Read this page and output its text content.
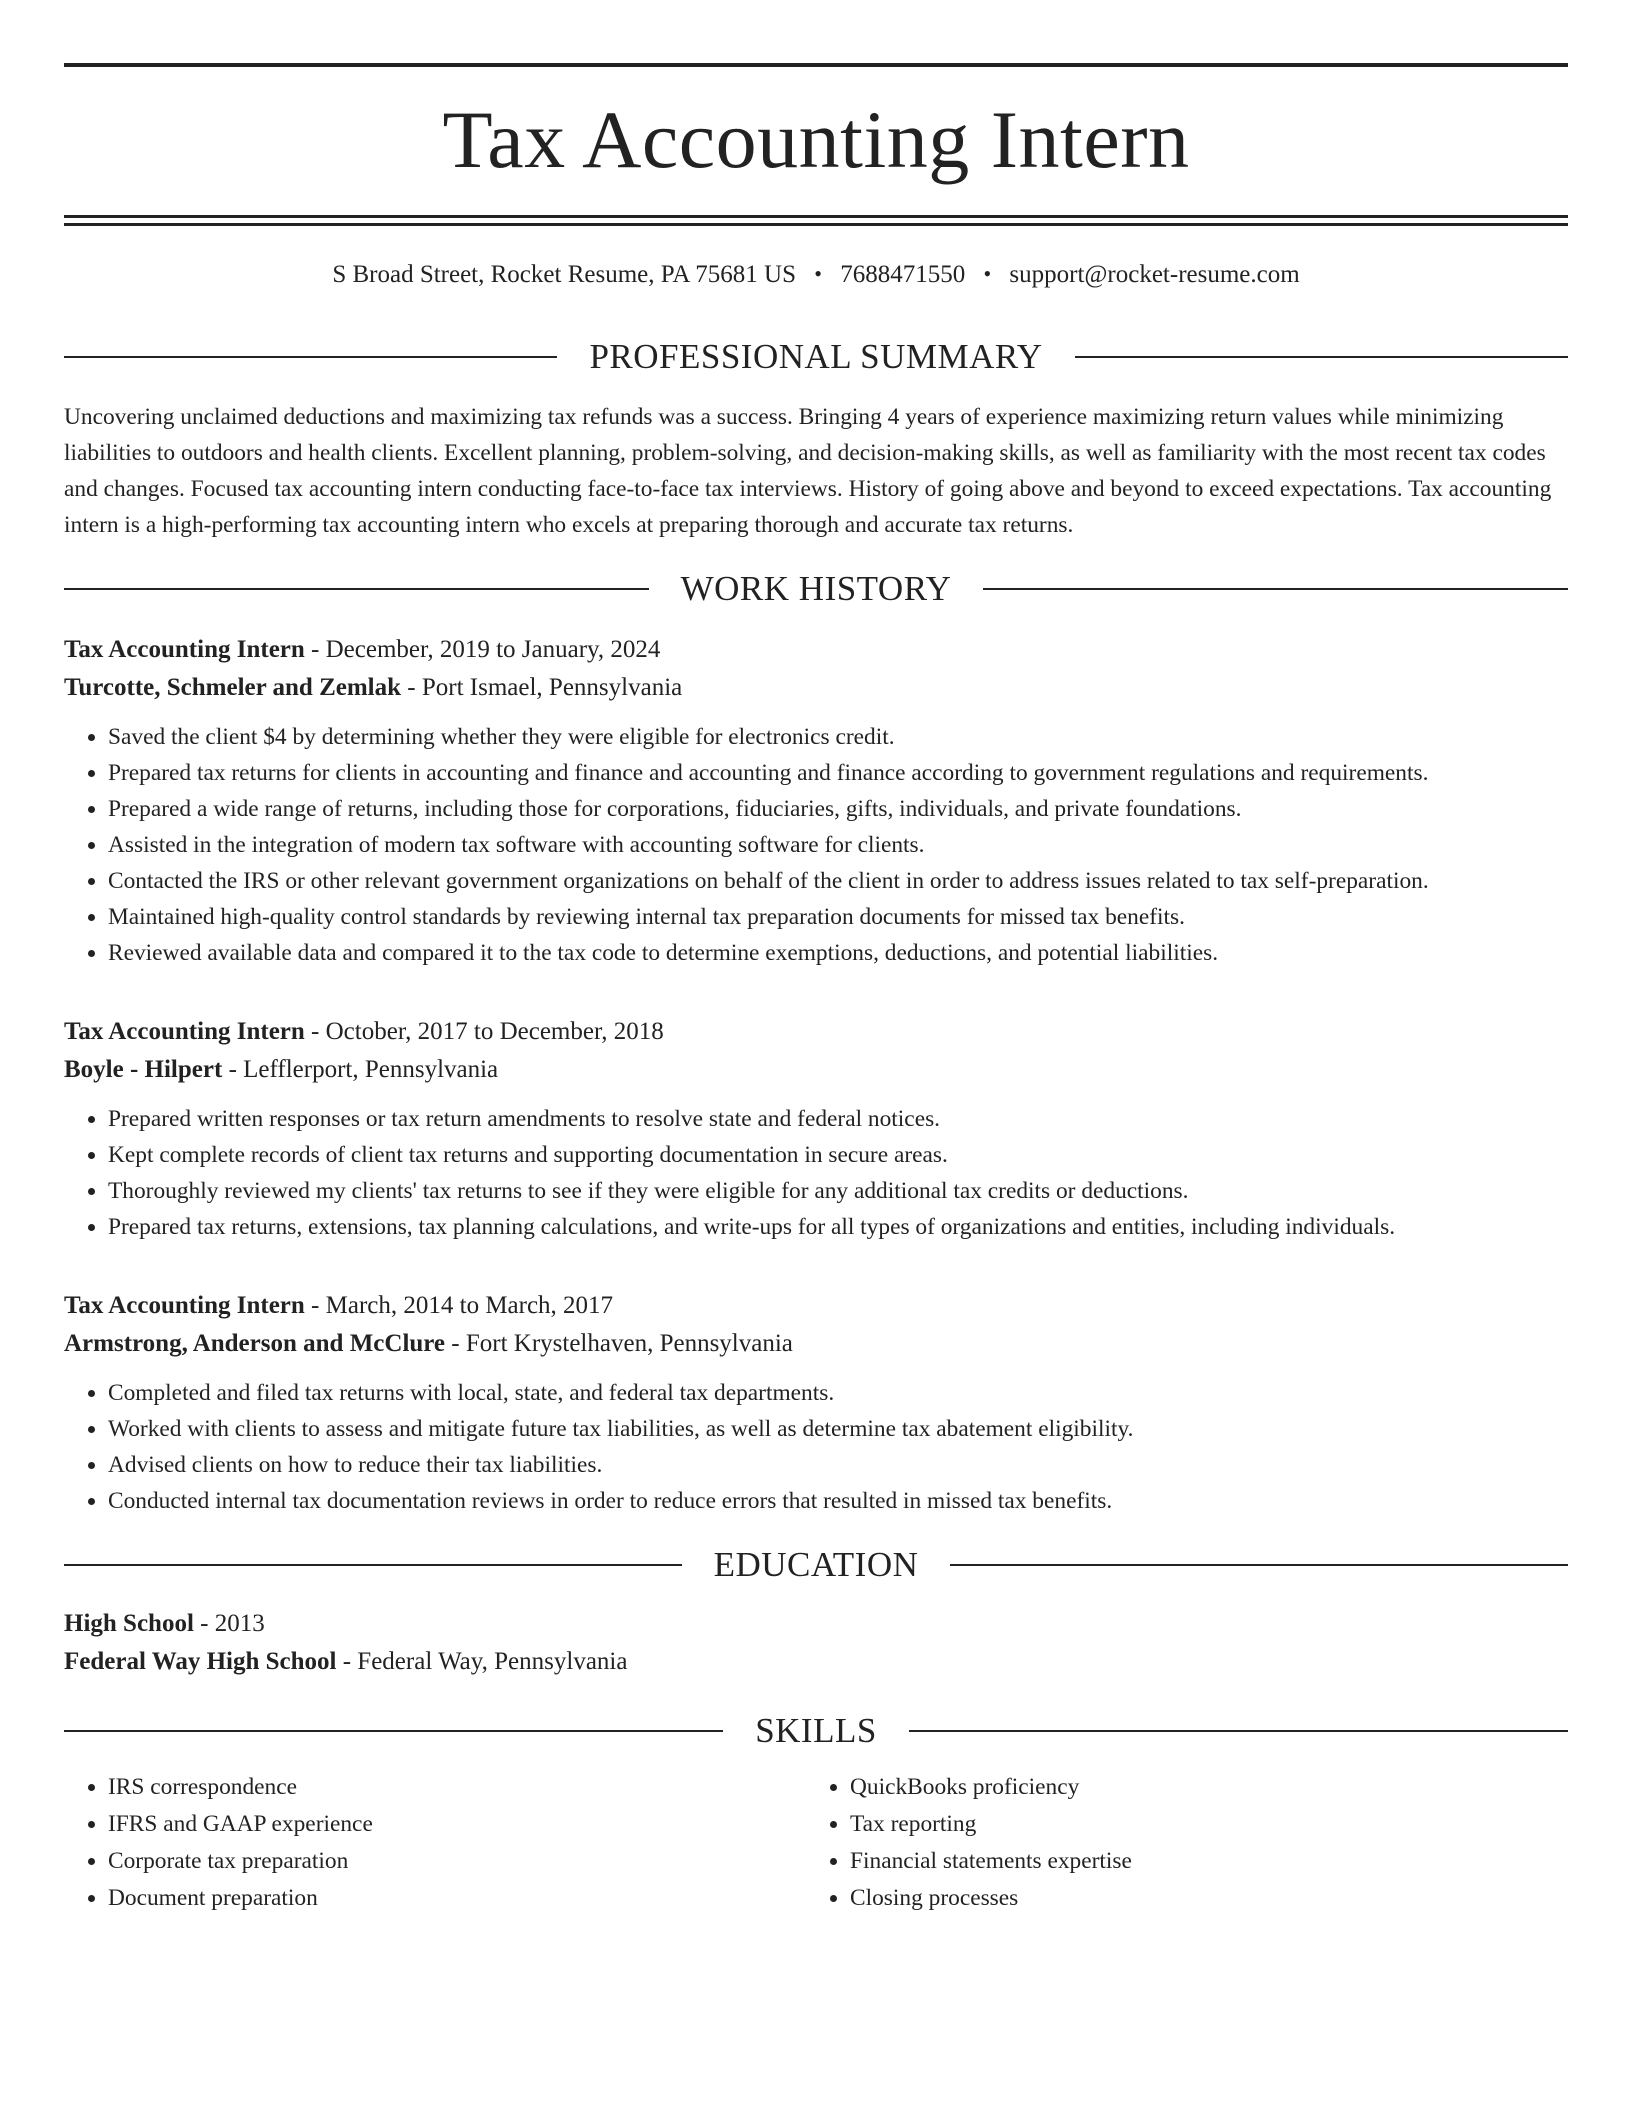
Tax Accounting Intern
S Broad Street, Rocket Resume, PA 75681 US • 7688471550 • support@rocket-resume.com
PROFESSIONAL SUMMARY

Uncovering unclaimed deductions and maximizing tax refunds was a success. Bringing 4 years of experience maximizing return values while minimizing liabilities to outdoors and health clients. Excellent planning, problem-solving, and decision-making skills, as well as familiarity with the most recent tax codes and changes. Focused tax accounting intern conducting face-to-face tax interviews. History of going above and beyond to exceed expectations. Tax accounting intern is a high-performing tax accounting intern who excels at preparing thorough and accurate tax returns.

WORK HISTORY

Tax Accounting Intern - December, 2019 to January, 2024

Turcotte, Schmeler and Zemlak - Port Ismael, Pennsylvania

• Saved the client $4 by determining whether they were eligible for electronics credit.
• Prepared tax returns for clients in accounting and finance and accounting and finance according to government regulations and requirements.
• Prepared a wide range of returns, including those for corporations, fiduciaries, gifts, individuals, and private foundations.
• Assisted in the integration of modern tax software with accounting software for clients.
• Contacted the IRS or other relevant government organizations on behalf of the client in order to address issues related to tax self-preparation.
• Maintained high-quality control standards by reviewing internal tax preparation documents for missed tax benefits.
• Reviewed available data and compared it to the tax code to determine exemptions, deductions, and potential liabilities.

Tax Accounting Intern - October, 2017 to December, 2018

Boyle - Hilpert - Lefflerport, Pennsylvania

• Prepared written responses or tax return amendments to resolve state and federal notices.
• Kept complete records of client tax returns and supporting documentation in secure areas.
• Thoroughly reviewed my clients' tax returns to see if they were eligible for any additional tax credits or deductions.
• Prepared tax returns, extensions, tax planning calculations, and write-ups for all types of organizations and entities, including individuals.

Tax Accounting Intern - March, 2014 to March, 2017

Armstrong, Anderson and McClure - Fort Krystelhaven, Pennsylvania

• Completed and filed tax returns with local, state, and federal tax departments.
• Worked with clients to assess and mitigate future tax liabilities, as well as determine tax abatement eligibility.
• Advised clients on how to reduce their tax liabilities.
• Conducted internal tax documentation reviews in order to reduce errors that resulted in missed tax benefits.
EDUCATION

High School - 2013

Federal Way High School - Federal Way, Pennsylvania

SKILLS
• IRS correspondence
• IFRS and GAAP experience
• Corporate tax preparation
• Document preparation
• QuickBooks proficiency
• Tax reporting
• Financial statements expertise
• Closing processes
